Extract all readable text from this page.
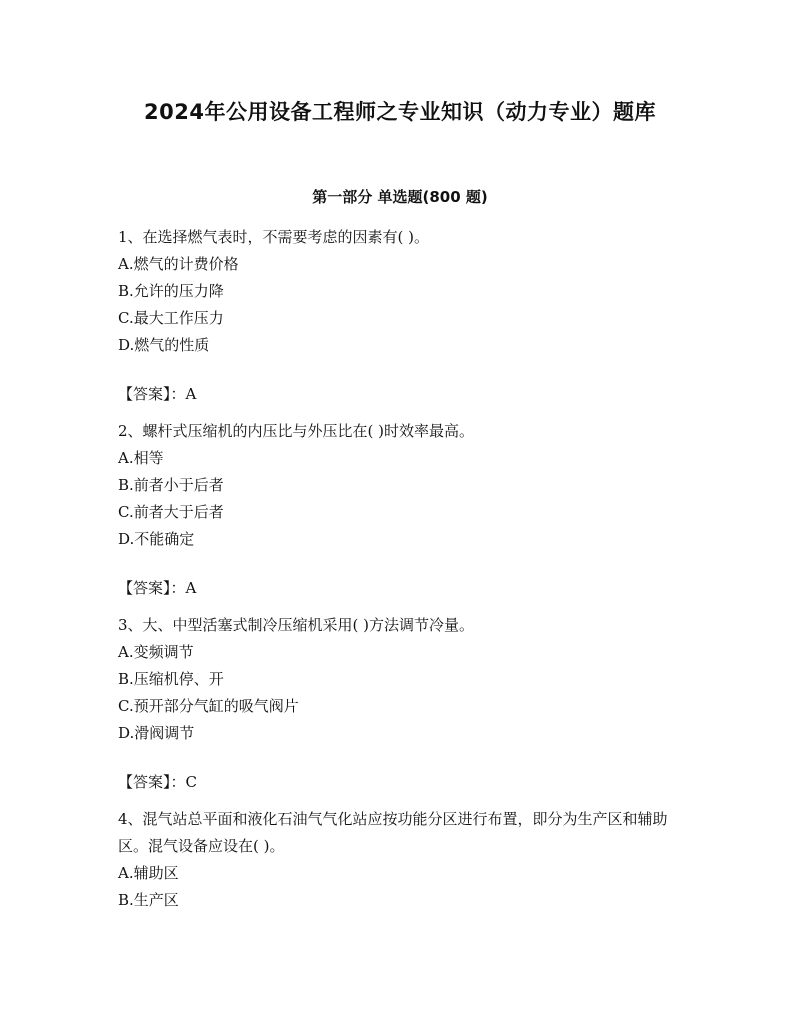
2024年公用设备工程师之专业知识（动力专业）题库
第一部分 单选题(800 题)

1、在选择燃气表时，不需要考虑的因素有( )。

A.燃气的计费价格

B.允许的压力降

C.最大工作压力

D.燃气的性质

【答案】：A

2、螺杆式压缩机的内压比与外压比在( )时效率最高。

A.相等

B.前者小于后者

C.前者大于后者

D.不能确定

【答案】：A

3、大、中型活塞式制冷压缩机采用( )方法调节冷量。

A.变频调节

B.压缩机停、开

C.预开部分气缸的吸气阀片

D.滑阀调节

【答案】：C

4、混气站总平面和液化石油气气化站应按功能分区进行布置，即分为生产区和辅助区。混气设备应设在( )。

A.辅助区

B.生产区
